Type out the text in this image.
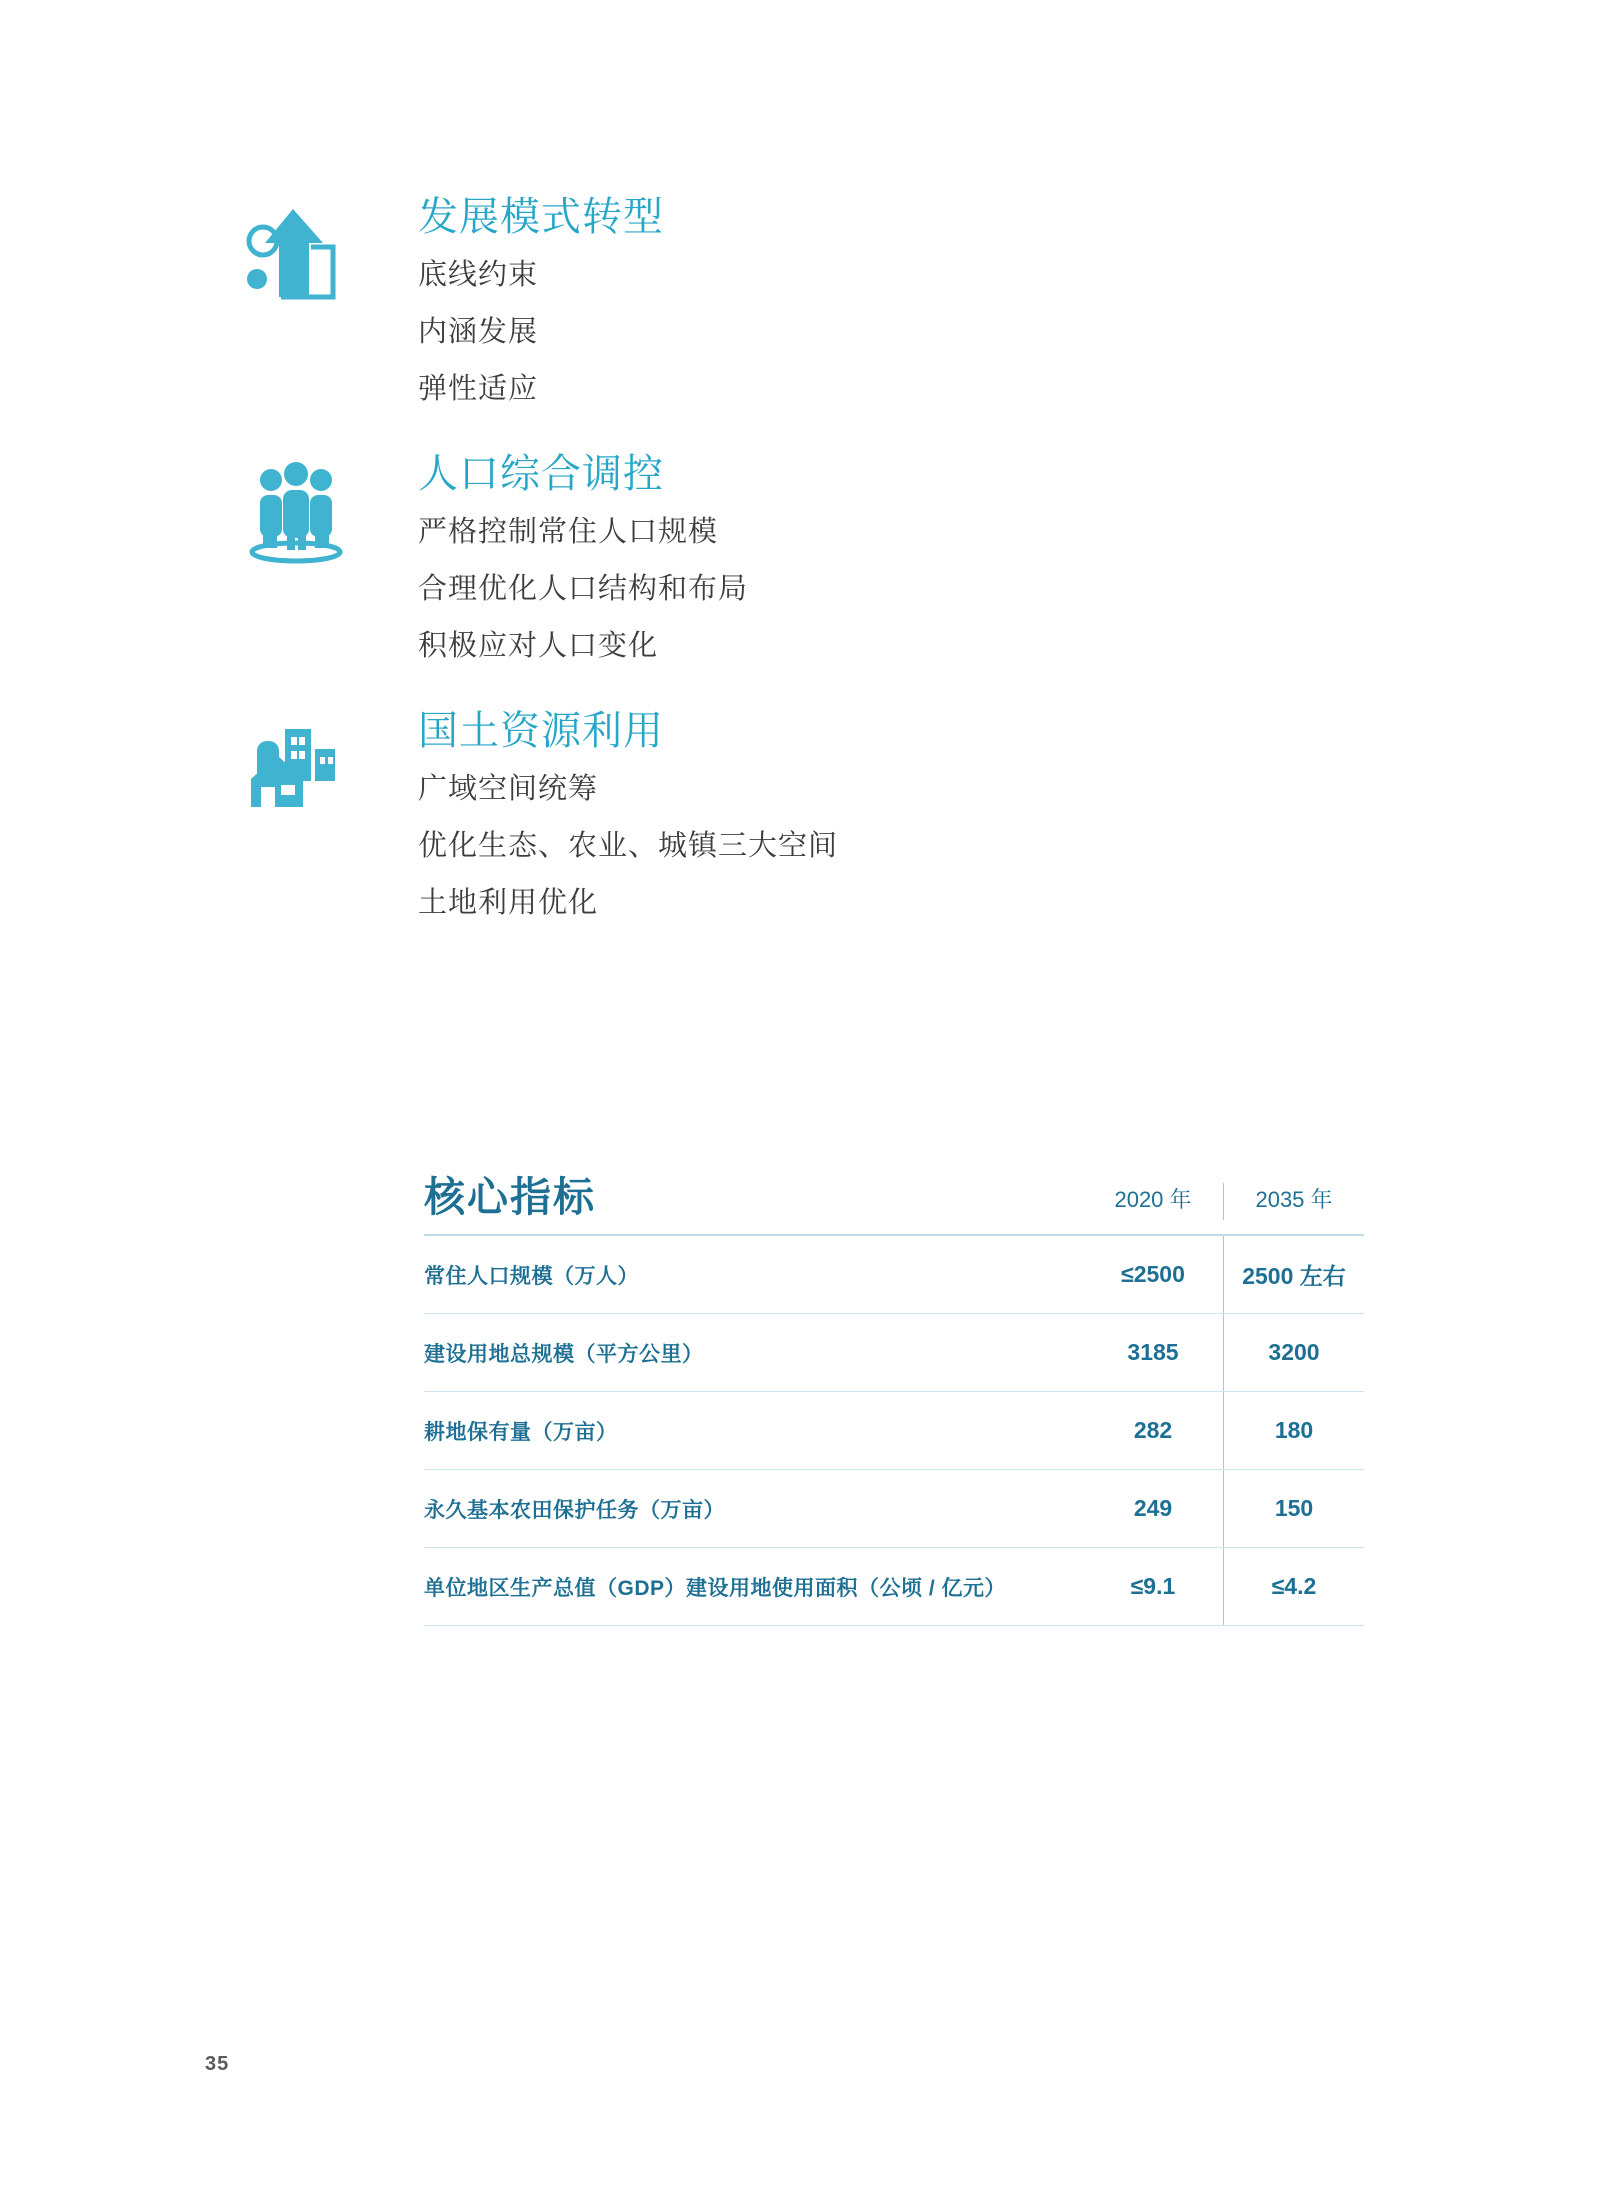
发展模式转型
底线约束
内涵发展
弹性适应
人口综合调控
严格控制常住人口规模
合理优化人口结构和布局
积极应对人口变化
国土资源利用
广域空间统筹
优化生态、农业、城镇三大空间
土地利用优化
核心指标	2020 年	2035 年
常住人口规模（万人）	≤2500	2500 左右
建设用地总规模（平方公里）	3185	3200
耕地保有量（万亩）	282	180
永久基本农田保护任务（万亩）	249	150
单位地区生产总值（GDP）建设用地使用面积（公顷 / 亿元）	≤9.1	≤4.2
35
